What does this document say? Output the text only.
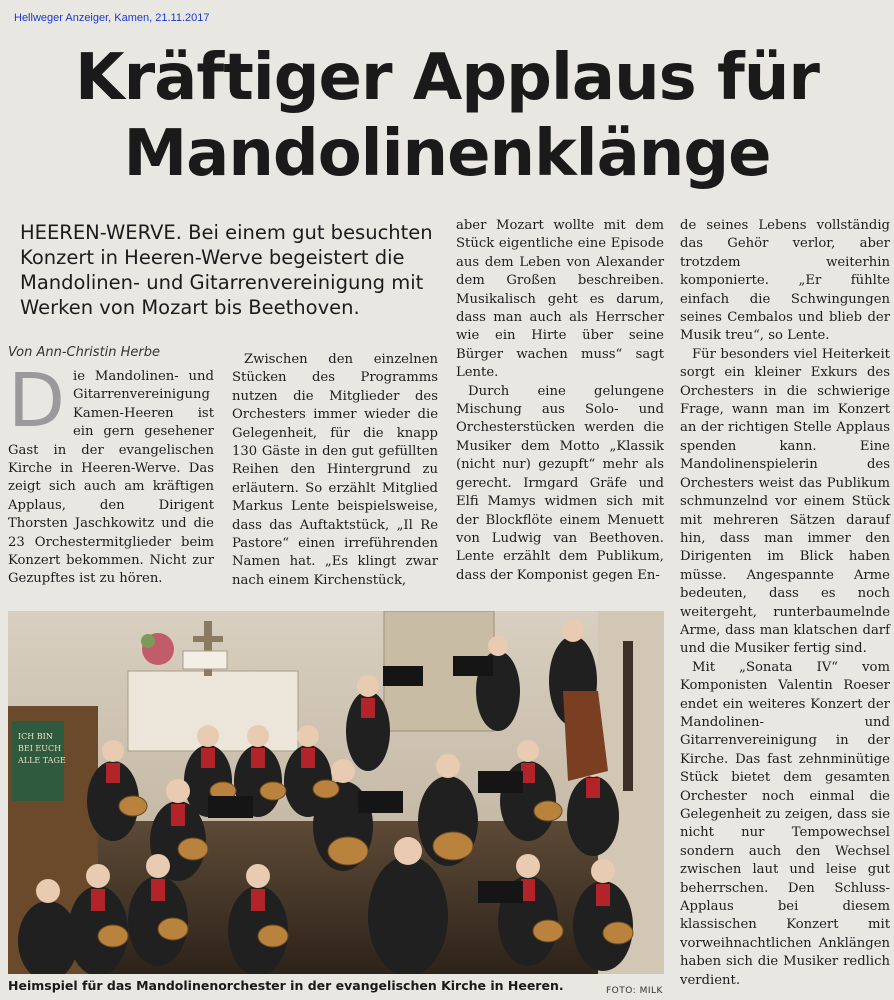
Hellweger Anzeiger, Kamen, 21.11.2017
Kräftiger Applaus für
Mandolinenklänge
HEEREN-WERVE. Bei einem gut besuchten Konzert in Heeren-Werve begeistert die Mandolinen- und Gitarrenvereinigung mit Werken von Mozart bis Beethoven.
Von Ann-Christin Herbe

Die Mandolinen- und Gitarrenvereinigung Kamen-Heeren ist ein gern gesehener Gast in der evangelischen Kirche in Heeren-Werve. Das zeigt sich auch am kräftigen Applaus, den Dirigent Thorsten Jaschkowitz und die 23 Orchestermitglieder beim Konzert bekommen. Nicht zur Gezupftes ist zu hören.

Zwischen den einzelnen Stücken des Programms nutzen die Mitglieder des Orchesters immer wieder die Gelegenheit, für die knapp 130 Gäste in den gut gefüllten Reihen den Hintergrund zu erläutern. So erzählt Mitglied Markus Lente beispielsweise, dass das Auftaktstück, „Il Re Pastore“ einen irreführenden Namen hat. „Es klingt zwar nach einem Kirchenstück,

aber Mozart wollte mit dem Stück eigentliche eine Episode aus dem Leben von Alexander dem Großen beschreiben. Musikalisch geht es darum, dass man auch als Herrscher wie ein Hirte über seine Bürger wachen muss“ sagt Lente.

Durch eine gelungene Mischung aus Solo- und Orchesterstücken werden die Musiker dem Motto „Klassik (nicht nur) gezupft“ mehr als gerecht. Irmgard Gräfe und Elfi Mamys widmen sich mit der Blockflöte einem Menuett von Ludwig van Beethoven. Lente erzählt dem Publikum, dass der Komponist gegen En-

de seines Lebens vollständig das Gehör verlor, aber trotzdem weiterhin komponierte. „Er fühlte einfach die Schwingungen seines Cembalos und blieb der Musik treu“, so Lente.

Für besonders viel Heiterkeit sorgt ein kleiner Exkurs des Orchesters in die schwierige Frage, wann man im Konzert an der richtigen Stelle Applaus spenden kann. Eine Mandolinenspielerin des Orchesters weist das Publikum schmunzelnd vor einem Stück mit mehreren Sätzen darauf hin, dass man immer den Dirigenten im Blick haben müsse. Angespannte Arme bedeuten, dass es noch weitergeht, runterbaumelnde Arme, dass man klatschen darf und die Musiker fertig sind.

Mit „Sonata IV“ vom Komponisten Valentin Roeser endet ein weiteres Konzert der Mandolinen- und Gitarrenvereinigung in der Kirche. Das fast zehnminütige Stück bietet dem gesamten Orchester noch einmal die Gelegenheit zu zeigen, dass sie nicht nur Tempowechsel sondern auch den Wechsel zwischen laut und leise gut beherrschen. Den Schluss-Applaus bei diesem klassischen Konzert mit vorweihnachtlichen Anklängen haben sich die Musiker redlich verdient.

ICH BIN
BEI EUCH
ALLE TAGE
Heimspiel für das Mandolinenorchester in der evangelischen Kirche in Heeren.	FOTO: MILK
